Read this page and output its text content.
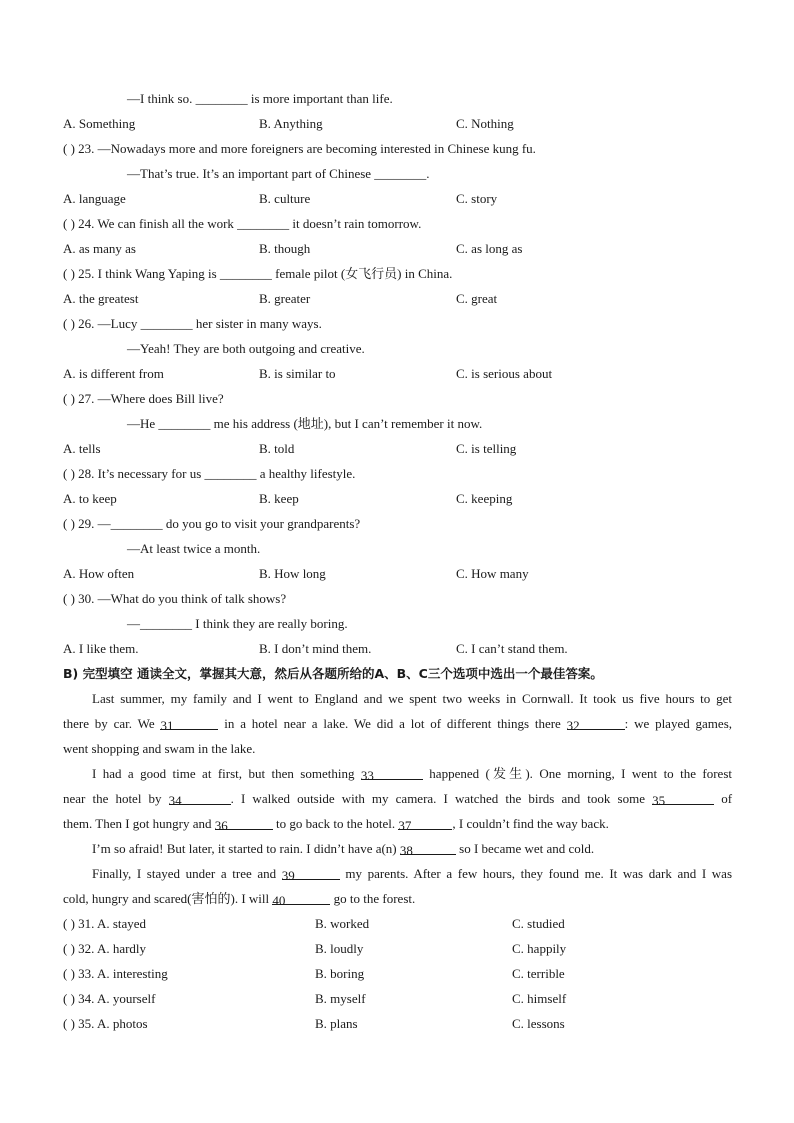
—I think so. ________ is more important than life.
A. Something	B. Anything	C. Nothing
( ) 23. —Nowadays more and more foreigners are becoming interested in Chinese kung fu.
—That’s true. It’s an important part of Chinese ________.
A. language	B. culture	C. story
( ) 24. We can finish all the work ________ it doesn’t rain tomorrow.
A. as many as	B. though	C. as long as
( ) 25. I think Wang Yaping is ________ female pilot (女飞行员) in China.
A. the greatest	B. greater	C. great
( ) 26. —Lucy ________ her sister in many ways.
—Yeah! They are both outgoing and creative.
A. is different from	B. is similar to	C. is serious about
( ) 27. —Where does Bill live?
—He ________ me his address (地址), but I can’t remember it now.
A. tells	B. told	C. is telling
( ) 28. It’s necessary for us ________ a healthy lifestyle.
A. to keep	B. keep	C. keeping
( ) 29. —________ do you go to visit your grandparents?
—At least twice a month.
A. How often	B. How long	C. How many
( ) 30. —What do you think of talk shows?
—________ I think they are really boring.
A. I like them.	B. I don’t mind them.	C. I can’t stand them.
B) 完型填空 通读全文，掌握其大意，然后从各题所给的A、B、C三个选项中选出一个最佳答案。
Last summer, my family and I went to England and we spent two weeks in Cornwall. It took us five hours to get
there by car. We 31	in a hotel near a lake. We did a lot of different things there 32	: we played games,
went shopping and swam in the lake.
I had a good time at first, but then something 33	happened (发生). One morning, I went to the forest
near the hotel by 34	. I walked outside with my camera. I watched the birds and took some 35	of
them. Then I got hungry and 36	to go back to the hotel. 37	, I couldn’t find the way back.
I’m so afraid! But later, it started to rain. I didn’t have a(n) 38	so I became wet and cold.
Finally, I stayed under a tree and 39	my parents. After a few hours, they found me. It was dark and I was
cold, hungry and scared(害怕的). I will 40	go to the forest.
( ) 31. A. stayed	B. worked	C. studied
( ) 32. A. hardly	B. loudly	C. happily
( ) 33. A. interesting	B. boring	C. terrible
( ) 34. A. yourself	B. myself	C. himself
( ) 35. A. photos	B. plans	C. lessons
